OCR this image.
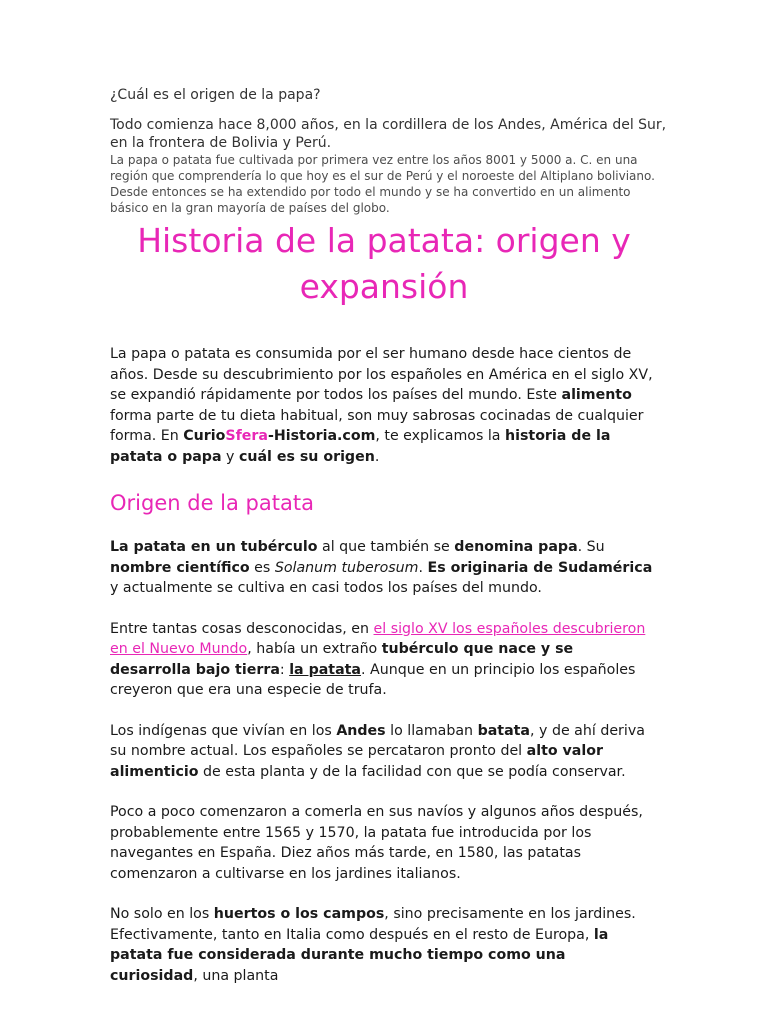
¿Cuál es el origen de la papa?

Todo comienza hace 8,000 años, en la cordillera de los Andes, América del Sur, en la frontera de Bolivia y Perú.

La papa o patata fue cultivada por primera vez entre los años 8001 y 5000 a. C. en una región que comprendería lo que hoy es el sur de Perú y el noroeste del Altiplano boliviano. Desde entonces se ha extendido por todo el mundo y se ha convertido en un alimento básico en la gran mayoría de países del globo.

Historia de la patata: origen y expansión

La papa o patata es consumida por el ser humano desde hace cientos de años. Desde su descubrimiento por los españoles en América en el siglo XV, se expandió rápidamente por todos los países del mundo. Este alimento forma parte de tu dieta habitual, son muy sabrosas cocinadas de cualquier forma. En CurioSfera-Historia.com, te explicamos la historia de la patata o papa y cuál es su origen.

Origen de la patata

La patata en un tubérculo al que también se denomina papa. Su nombre científico es Solanum tuberosum. Es originaria de Sudamérica y actualmente se cultiva en casi todos los países del mundo.

Entre tantas cosas desconocidas, en el siglo XV los españoles descubrieron en el Nuevo Mundo, había un extraño tubérculo que nace y se desarrolla bajo tierra: la patata. Aunque en un principio los españoles creyeron que era una especie de trufa.

Los indígenas que vivían en los Andes lo llamaban batata, y de ahí deriva su nombre actual. Los españoles se percataron pronto del alto valor alimenticio de esta planta y de la facilidad con que se podía conservar.

Poco a poco comenzaron a comerla en sus navíos y algunos años después, probablemente entre 1565 y 1570, la patata fue introducida por los navegantes en España. Diez años más tarde, en 1580, las patatas comenzaron a cultivarse en los jardines italianos.

No solo en los huertos o los campos, sino precisamente en los jardines. Efectivamente, tanto en Italia como después en el resto de Europa, la patata fue considerada durante mucho tiempo como una curiosidad, una planta
